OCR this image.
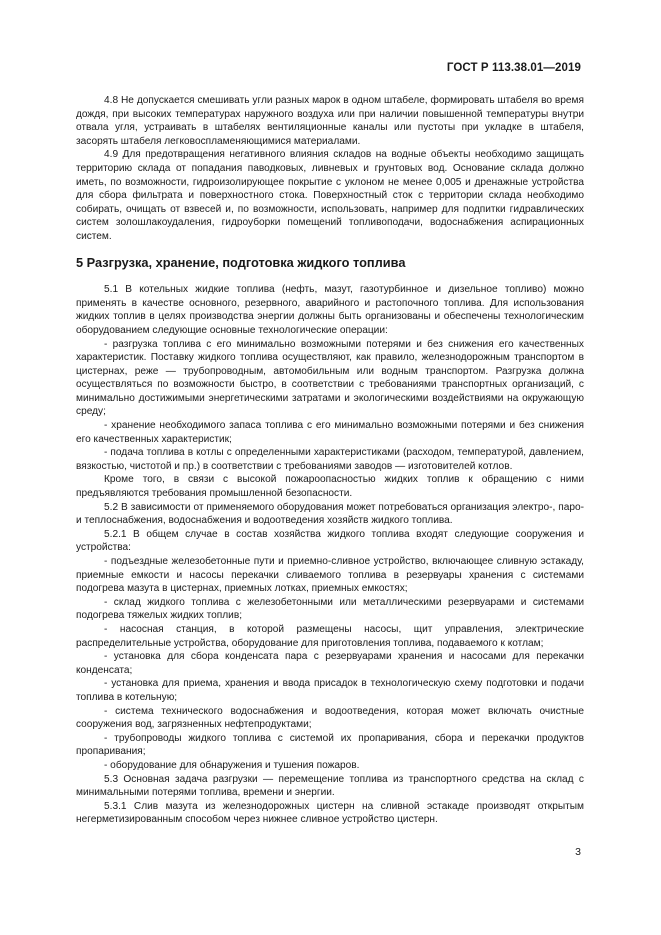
ГОСТ Р 113.38.01—2019

4.8 Не допускается смешивать угли разных марок в одном штабеле, формировать штабеля во время дождя, при высоких температурах наружного воздуха или при наличии повышенной температуры внутри отвала угля, устраивать в штабелях вентиляционные каналы или пустоты при укладке в штабеля, засорять штабеля легковоспламеняющимися материалами.

4.9 Для предотвращения негативного влияния складов на водные объекты необходимо защищать территорию склада от попадания паводковых, ливневых и грунтовых вод. Основание склада должно иметь, по возможности, гидроизолирующее покрытие с уклоном не менее 0,005 и дренажные устройства для сбора фильтрата и поверхностного стока. Поверхностный сток с территории склада необходимо собирать, очищать от взвесей и, по возможности, использовать, например для подпитки гидравлических систем золошлакоудаления, гидроуборки помещений топливоподачи, водоснабжения аспирационных систем.

5 Разгрузка, хранение, подготовка жидкого топлива

5.1 В котельных жидкие топлива (нефть, мазут, газотурбинное и дизельное топливо) можно применять в качестве основного, резервного, аварийного и растопочного топлива. Для использования жидких топлив в целях производства энергии должны быть организованы и обеспечены технологическим оборудованием следующие основные технологические операции:

- разгрузка топлива с его минимально возможными потерями и без снижения его качественных характеристик. Поставку жидкого топлива осуществляют, как правило, железнодорожным транспортом в цистернах, реже — трубопроводным, автомобильным или водным транспортом. Разгрузка должна осуществляться по возможности быстро, в соответствии с требованиями транспортных организаций, с минимально достижимыми энергетическими затратами и экологическими воздействиями на окружающую среду;

- хранение необходимого запаса топлива с его минимально возможными потерями и без снижения его качественных характеристик;

- подача топлива в котлы с определенными характеристиками (расходом, температурой, давлением, вязкостью, чистотой и пр.) в соответствии с требованиями заводов — изготовителей котлов.

Кроме того, в связи с высокой пожароопасностью жидких топлив к обращению с ними предъявляются требования промышленной безопасности.

5.2 В зависимости от применяемого оборудования может потребоваться организация электро-, паро- и теплоснабжения, водоснабжения и водоотведения хозяйств жидкого топлива.

5.2.1 В общем случае в состав хозяйства жидкого топлива входят следующие сооружения и устройства:

- подъездные железобетонные пути и приемно-сливное устройство, включающее сливную эстакаду, приемные емкости и насосы перекачки сливаемого топлива в резервуары хранения с системами подогрева мазута в цистернах, приемных лотках, приемных емкостях;

- склад жидкого топлива с железобетонными или металлическими резервуарами и системами подогрева тяжелых жидких топлив;

- насосная станция, в которой размещены насосы, щит управления, электрические распределительные устройства, оборудование для приготовления топлива, подаваемого к котлам;

- установка для сбора конденсата пара с резервуарами хранения и насосами для перекачки конденсата;

- установка для приема, хранения и ввода присадок в технологическую схему подготовки и подачи топлива в котельную;

- система технического водоснабжения и водоотведения, которая может включать очистные сооружения вод, загрязненных нефтепродуктами;

- трубопроводы жидкого топлива с системой их пропаривания, сбора и перекачки продуктов пропаривания;

- оборудование для обнаружения и тушения пожаров.

5.3 Основная задача разгрузки — перемещение топлива из транспортного средства на склад с минимальными потерями топлива, времени и энергии.

5.3.1 Слив мазута из железнодорожных цистерн на сливной эстакаде производят открытым негерметизированным способом через нижнее сливное устройство цистерн.

3
